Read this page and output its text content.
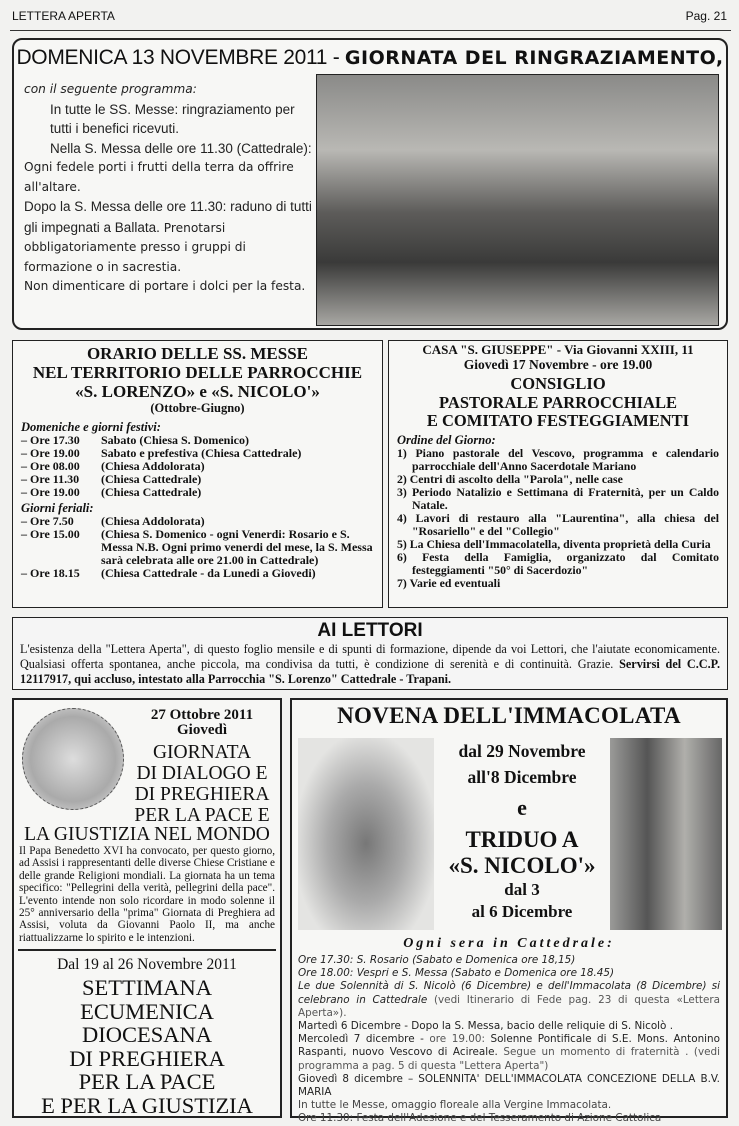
LETTERA APERTA	Pag. 21
DOMENICA 13 NOVEMBRE 2011 - GIORNATA DEL RINGRAZIAMENTO,
con il seguente programma:
In tutte le SS. Messe: ringraziamento per tutti i benefici ricevuti.
Nella S. Messa delle ore 11.30 (Cattedrale):
Ogni fedele porti i frutti della terra da offrire all'altare.
Dopo la S. Messa delle ore 11.30: raduno di tutti gli impegnati a Ballata. Prenotarsi obbligatoriamente presso i gruppi di formazione o in sacrestia.
Non dimenticare di portare i dolci per la festa.
ORARIO DELLE SS. MESSE
NEL TERRITORIO DELLE PARROCCHIE
«S. LORENZO» e «S. NICOLO'»
(Ottobre-Giugno)
Domeniche e giorni festivi:
– Ore 17.30	Sabato (Chiesa S. Domenico)
– Ore 19.00	Sabato e prefestiva (Chiesa Cattedrale)
– Ore 08.00	(Chiesa Addolorata)
– Ore 11.30	(Chiesa Cattedrale)
– Ore 19.00	(Chiesa Cattedrale)
Giorni feriali:
– Ore 7.50	(Chiesa Addolorata)
– Ore 15.00	(Chiesa S. Domenico - ogni Venerdi: Rosario e S. Messa N.B. Ogni primo venerdi del mese, la S. Messa sarà celebrata alle ore 21.00 in Cattedrale)
– Ore 18.15	(Chiesa Cattedrale - da Lunedi a Giovedi)
CASA "S. GIUSEPPE" - Via Giovanni XXIII, 11
Giovedì 17 Novembre - ore 19.00
CONSIGLIO
PASTORALE PARROCCHIALE
E COMITATO FESTEGGIAMENTI
Ordine del Giorno:
1) Piano pastorale del Vescovo, programma e calendario parrocchiale dell'Anno Sacerdotale Mariano
2) Centri di ascolto della "Parola", nelle case
3) Periodo Natalizio e Settimana di Fraternità, per un Caldo Natale.
4) Lavori di restauro alla "Laurentina", alla chiesa del "Rosariello" e del "Collegio"
5) La Chiesa dell'Immacolatella, diventa proprietà della Curia
6) Festa della Famiglia, organizzato dal Comitato festeggiamenti "50° di Sacerdozio"
7) Varie ed eventuali
AI LETTORI
L'esistenza della "Lettera Aperta", di questo foglio mensile e di spunti di formazione, dipende da voi Lettori, che l'aiutate economicamente. Qualsiasi offerta spontanea, anche piccola, ma condivisa da tutti, è condizione di serenità e di continuità. Grazie. Servirsi del C.C.P. 12117917, qui accluso, intestato alla Parrocchia "S. Lorenzo" Cattedrale - Trapani.
27 Ottobre 2011
Giovedì
GIORNATA
DI DIALOGO E
DI PREGHIERA
PER LA PACE E
LA GIUSTIZIA NEL MONDO
Il Papa Benedetto XVI ha convocato, per questo giorno, ad Assisi i rappresentanti delle diverse Chiese Cristiane e delle grande Religioni mondiali. La giornata ha un tema specifico: "Pellegrini della verità, pellegrini della pace". L'evento intende non solo ricordare in modo solenne il 25° anniversario della "prima" Giornata di Preghiera ad Assisi, voluta da Giovanni Paolo II, ma anche riattualizzarne lo spirito e le intenzioni.
Dal 19 al 26 Novembre 2011
SETTIMANA
ECUMENICA
DIOCESANA
DI PREGHIERA
PER LA PACE
E PER LA GIUSTIZIA
NOVENA DELL'IMMACOLATA
dal 29 Novembre
all'8 Dicembre
e
TRIDUO A
«S. NICOLO'»
dal 3
al 6 Dicembre
Ogni sera in Cattedrale:
Ore 17.30: S. Rosario (Sabato e Domenica ore 18,15)
Ore 18.00: Vespri e S. Messa (Sabato e Domenica ore 18.45)
Le due Solennità di S. Nicolò (6 Dicembre) e dell'Immacolata (8 Dicembre) si celebrano in Cattedrale (vedi Itinerario di Fede pag. 23 di questa «Lettera Aperta»).
Martedì 6 Dicembre - Dopo la S. Messa, bacio delle reliquie di S. Nicolò .
Mercoledì 7 dicembre - ore 19.00: Solenne Pontificale di S.E. Mons. Antonino Raspanti, nuovo Vescovo di Acireale. Segue un momento di fraternità . (vedi programma a pag. 5 di questa "Lettera Aperta")
Giovedì 8 dicembre – SOLENNITA' DELL'IMMACOLATA CONCEZIONE DELLA B.V. MARIA
In tutte le Messe, omaggio floreale alla Vergine Immacolata.
Ore 11.30: Festa dell'Adesione e del Tesseramento di Azione Cattolica
